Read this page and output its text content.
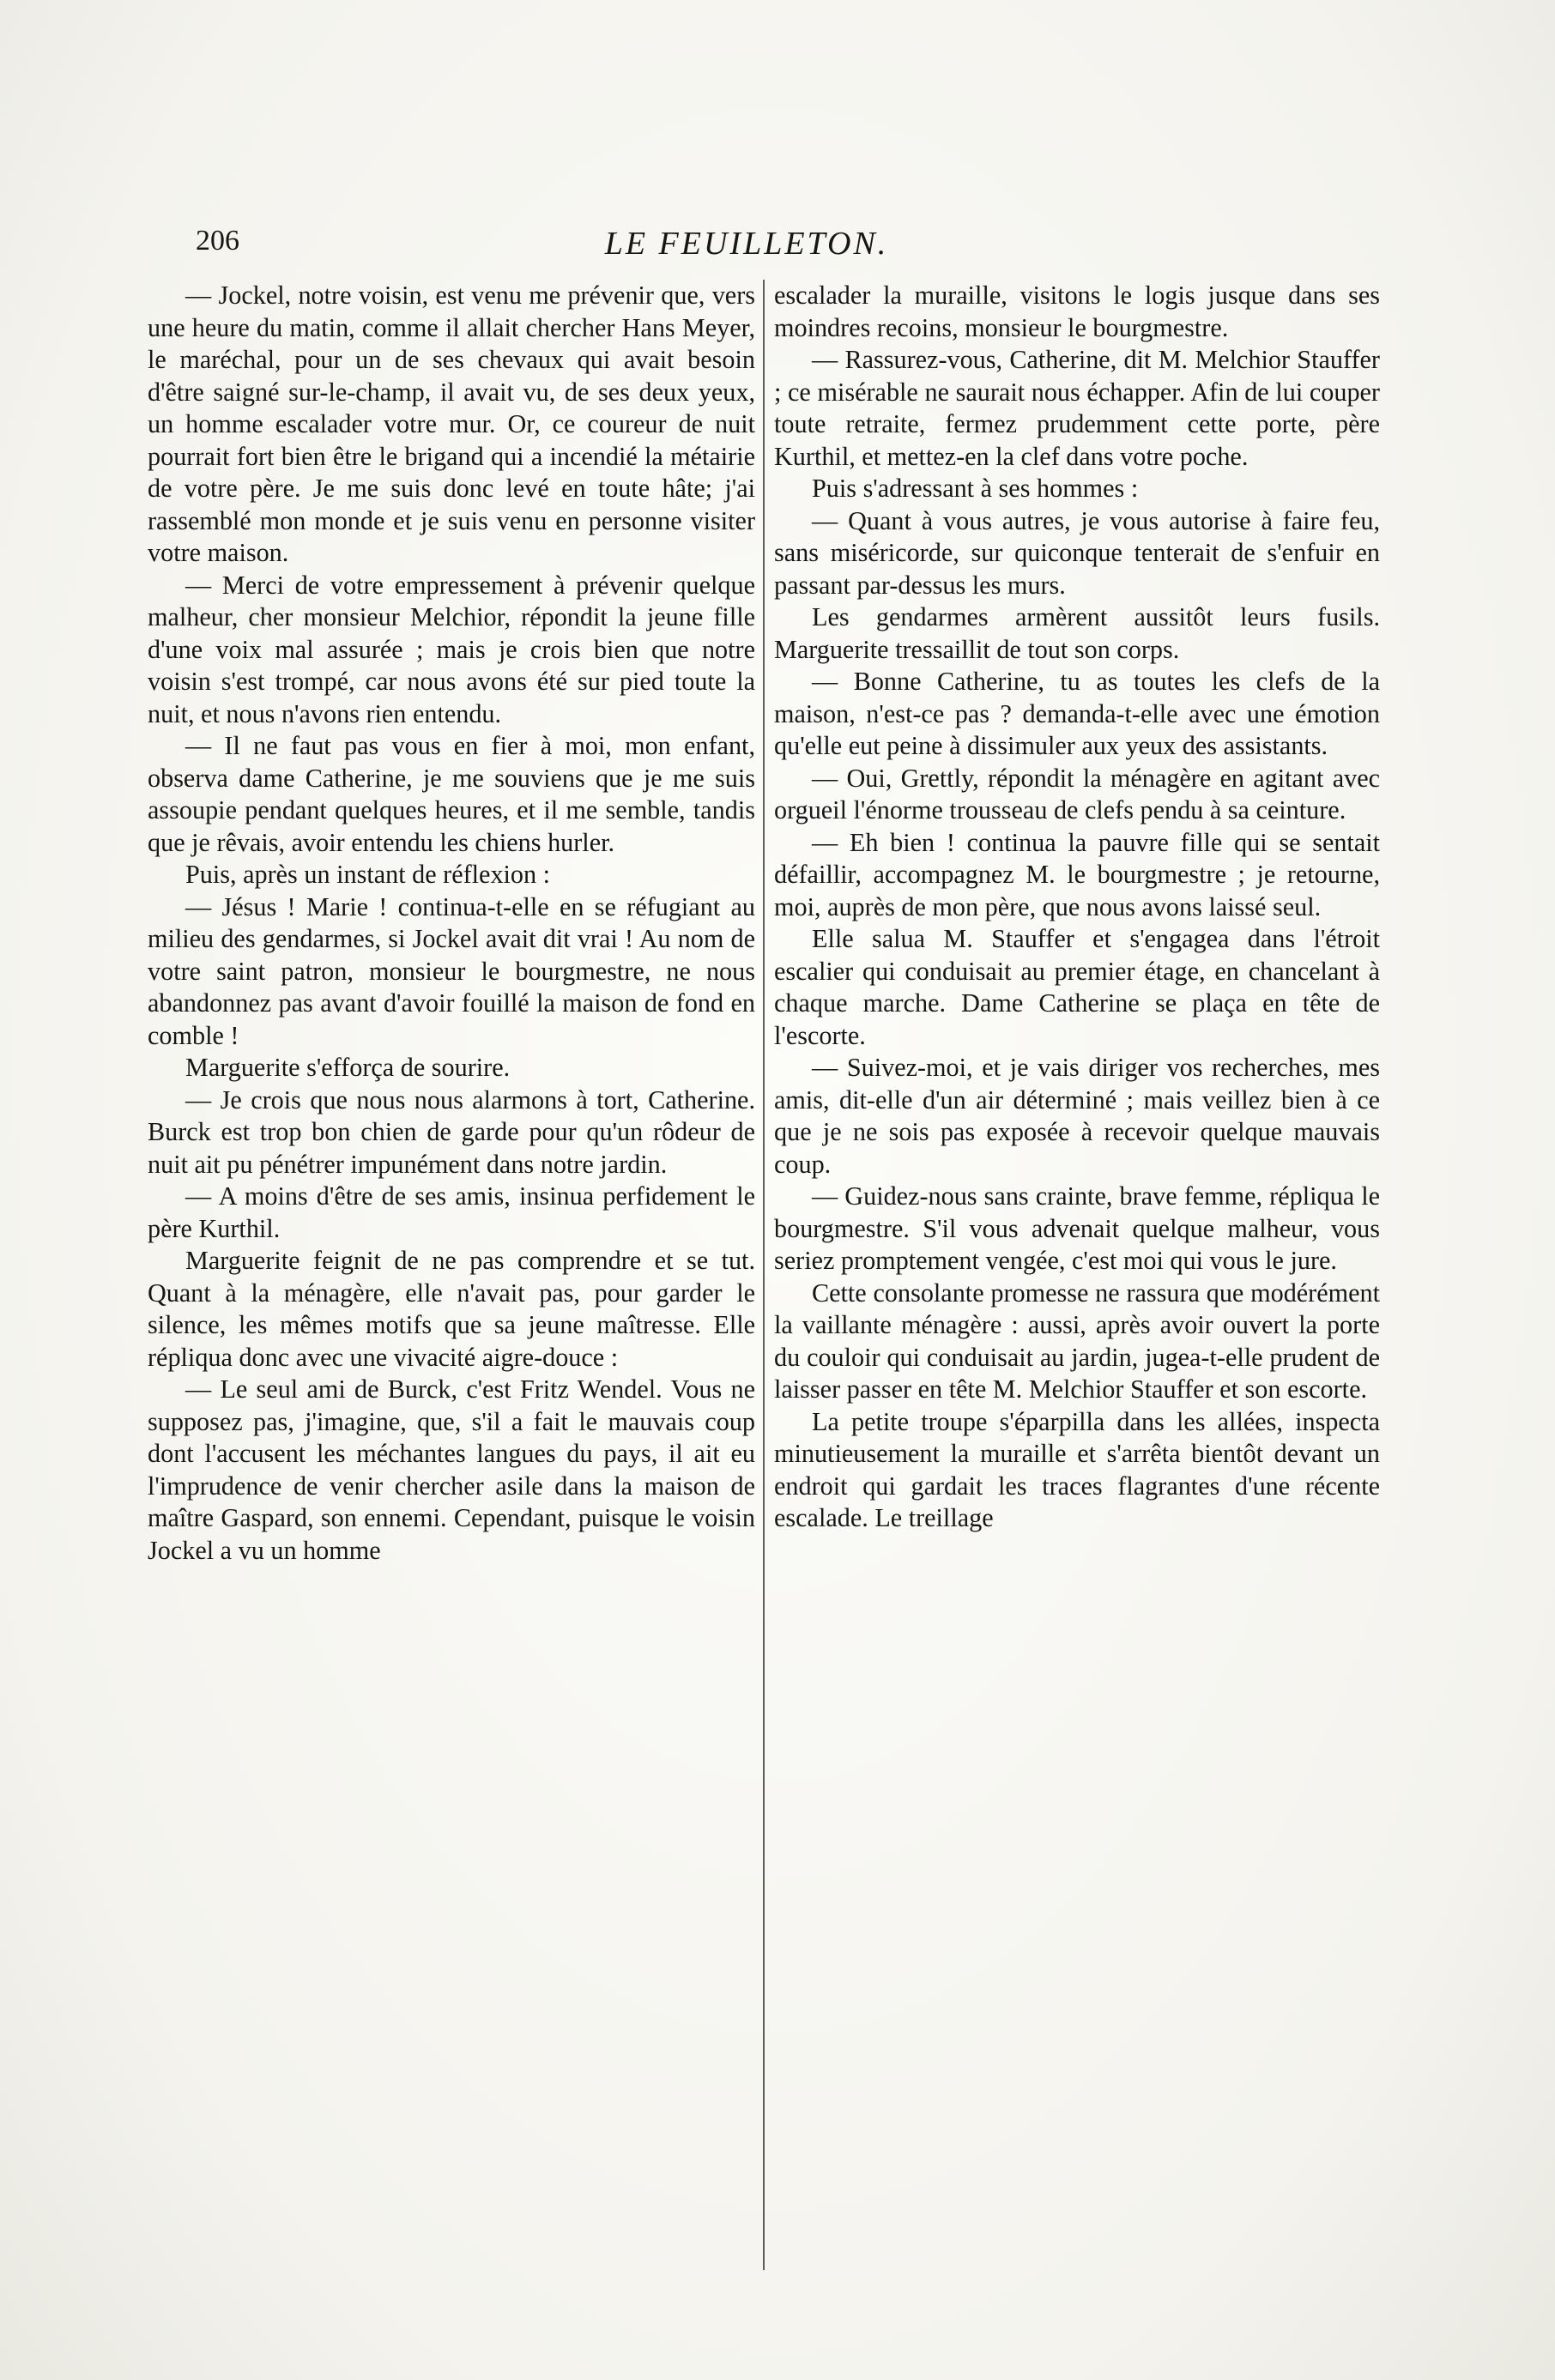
206	LE FEUILLETON.

— Jockel, notre voisin, est venu me prévenir que, vers une heure du matin, comme il allait chercher Hans Meyer, le maréchal, pour un de ses chevaux qui avait besoin d'être saigné sur-le-champ, il avait vu, de ses deux yeux, un homme escalader votre mur. Or, ce coureur de nuit pourrait fort bien être le brigand qui a incendié la métairie de votre père. Je me suis donc levé en toute hâte; j'ai rassemblé mon monde et je suis venu en personne visiter votre maison.

— Merci de votre empressement à prévenir quelque malheur, cher monsieur Melchior, répondit la jeune fille d'une voix mal assurée ; mais je crois bien que notre voisin s'est trompé, car nous avons été sur pied toute la nuit, et nous n'avons rien entendu.

— Il ne faut pas vous en fier à moi, mon enfant, observa dame Catherine, je me souviens que je me suis assoupie pendant quelques heures, et il me semble, tandis que je rêvais, avoir entendu les chiens hurler.

Puis, après un instant de réflexion :

— Jésus ! Marie ! continua-t-elle en se réfugiant au milieu des gendarmes, si Jockel avait dit vrai ! Au nom de votre saint patron, monsieur le bourgmestre, ne nous abandonnez pas avant d'avoir fouillé la maison de fond en comble !

Marguerite s'efforça de sourire.

— Je crois que nous nous alarmons à tort, Catherine. Burck est trop bon chien de garde pour qu'un rôdeur de nuit ait pu pénétrer impunément dans notre jardin.

— A moins d'être de ses amis, insinua perfidement le père Kurthil.

Marguerite feignit de ne pas comprendre et se tut. Quant à la ménagère, elle n'avait pas, pour garder le silence, les mêmes motifs que sa jeune maîtresse. Elle répliqua donc avec une vivacité aigre-douce :

— Le seul ami de Burck, c'est Fritz Wendel. Vous ne supposez pas, j'imagine, que, s'il a fait le mauvais coup dont l'accusent les méchantes langues du pays, il ait eu l'imprudence de venir chercher asile dans la maison de maître Gaspard, son ennemi. Cependant, puisque le voisin Jockel a vu un homme

escalader la muraille, visitons le logis jusque dans ses moindres recoins, monsieur le bourgmestre.

— Rassurez-vous, Catherine, dit M. Melchior Stauffer ; ce misérable ne saurait nous échapper. Afin de lui couper toute retraite, fermez prudemment cette porte, père Kurthil, et mettez-en la clef dans votre poche.

Puis s'adressant à ses hommes :

— Quant à vous autres, je vous autorise à faire feu, sans miséricorde, sur quiconque tenterait de s'enfuir en passant par-dessus les murs.

Les gendarmes armèrent aussitôt leurs fusils. Marguerite tressaillit de tout son corps.

— Bonne Catherine, tu as toutes les clefs de la maison, n'est-ce pas ? demanda-t-elle avec une émotion qu'elle eut peine à dissimuler aux yeux des assistants.

— Oui, Grettly, répondit la ménagère en agitant avec orgueil l'énorme trousseau de clefs pendu à sa ceinture.

— Eh bien ! continua la pauvre fille qui se sentait défaillir, accompagnez M. le bourgmestre ; je retourne, moi, auprès de mon père, que nous avons laissé seul.

Elle salua M. Stauffer et s'engagea dans l'étroit escalier qui conduisait au premier étage, en chancelant à chaque marche. Dame Catherine se plaça en tête de l'escorte.

— Suivez-moi, et je vais diriger vos recherches, mes amis, dit-elle d'un air déterminé ; mais veillez bien à ce que je ne sois pas exposée à recevoir quelque mauvais coup.

— Guidez-nous sans crainte, brave femme, répliqua le bourgmestre. S'il vous advenait quelque malheur, vous seriez promptement vengée, c'est moi qui vous le jure.

Cette consolante promesse ne rassura que modérément la vaillante ménagère : aussi, après avoir ouvert la porte du couloir qui conduisait au jardin, jugea-t-elle prudent de laisser passer en tête M. Melchior Stauffer et son escorte.

La petite troupe s'éparpilla dans les allées, inspecta minutieusement la muraille et s'arrêta bientôt devant un endroit qui gardait les traces flagrantes d'une récente escalade. Le treillage
